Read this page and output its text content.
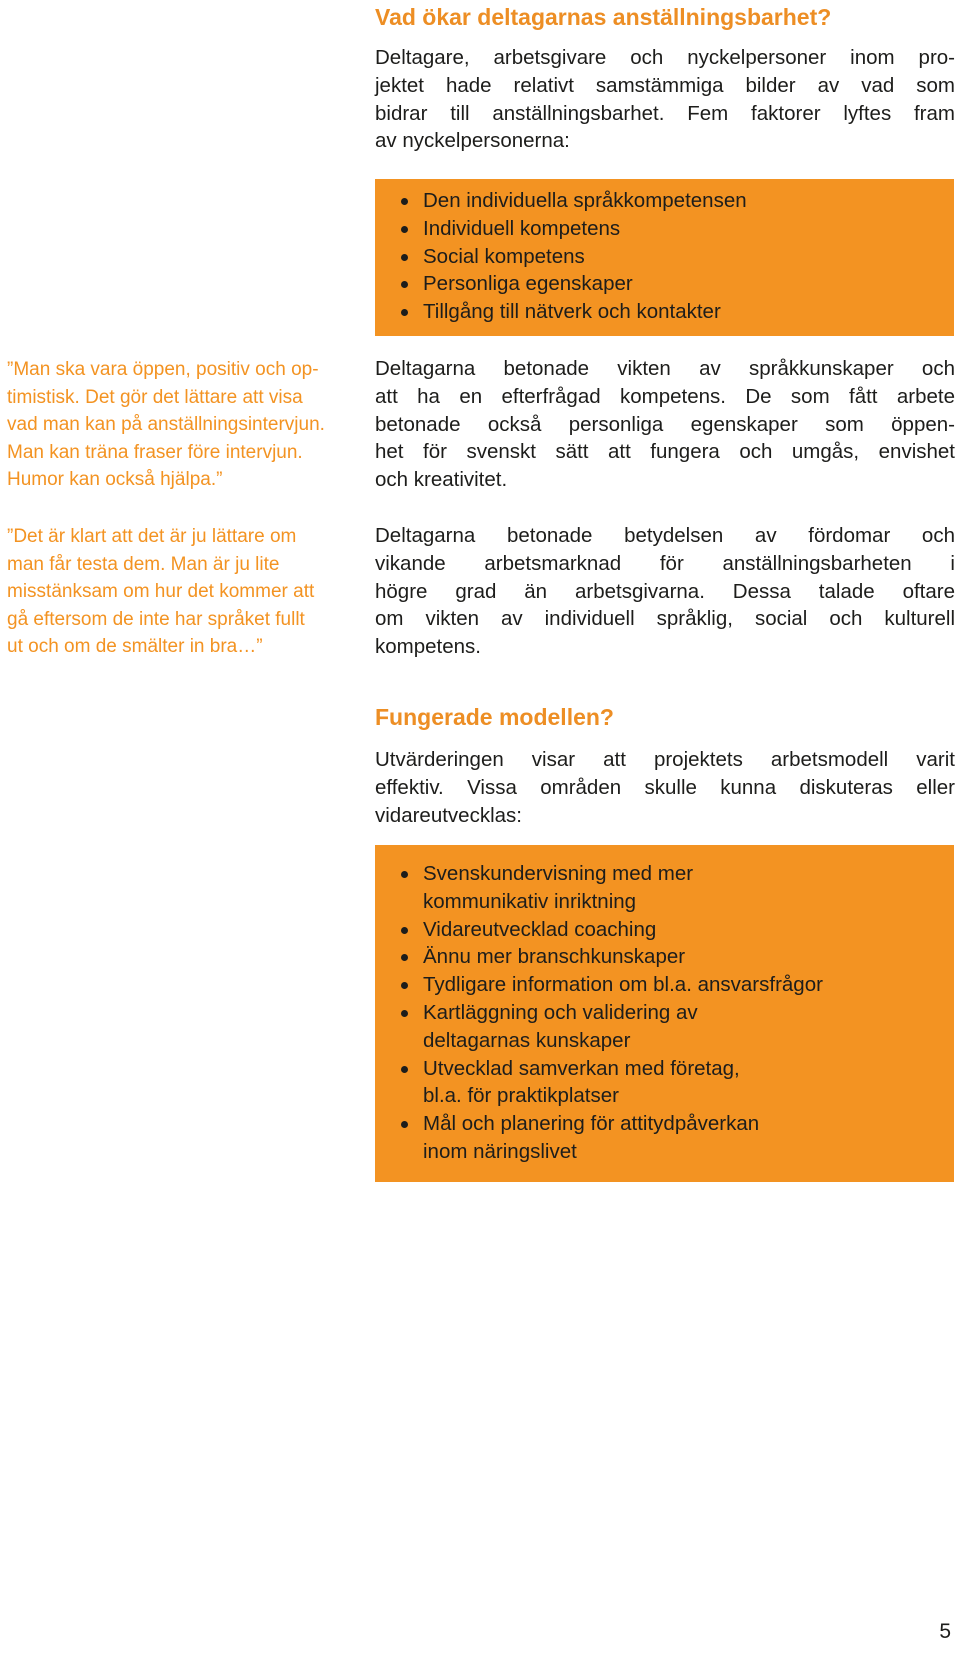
Vad ökar deltagarnas anställningsbarhet?

Deltagare, arbetsgivare och nyckelpersoner inom pro-
jektet hade relativt samstämmiga bilder av vad som
bidrar till anställningsbarhet. Fem faktorer lyftes fram
av nyckelpersonerna:

Den individuella språkkompetensen
Individuell kompetens
Social kompetens
Personliga egenskaper
Tillgång till nätverk och kontakter

Deltagarna betonade vikten av språkkunskaper och
att ha en efterfrågad kompetens. De som fått arbete
betonade också personliga egenskaper som öppen-
het för svenskt sätt att fungera och umgås, envishet
och kreativitet.

Deltagarna betonade betydelsen av fördomar och
vikande arbetsmarknad för anställningsbarheten i
högre grad än arbetsgivarna. Dessa talade oftare
om vikten av individuell språklig, social och kulturell
kompetens.

Fungerade modellen?

Utvärderingen visar att projektets arbetsmodell varit
effektiv. Vissa områden skulle kunna diskuteras eller
vidareutvecklas:

Svenskundervisning med mer
kommunikativ inriktning
Vidareutvecklad coaching
Ännu mer branschkunskaper
Tydligare information om bl.a. ansvarsfrågor
Kartläggning och validering av
deltagarnas kunskaper
Utvecklad samverkan med företag,
bl.a. för praktikplatser
Mål och planering för attitydpåverkan
inom näringslivet
”Man ska vara öppen, positiv och op-
timistisk. Det gör det lättare att visa
vad man kan på anställningsintervjun.
Man kan träna fraser före intervjun.
Humor kan också hjälpa.”
”Det är klart att det är ju lättare om
man får testa dem. Man är ju lite
misstänksam om hur det kommer att
gå eftersom de inte har språket fullt
ut och om de smälter in bra…”
5
